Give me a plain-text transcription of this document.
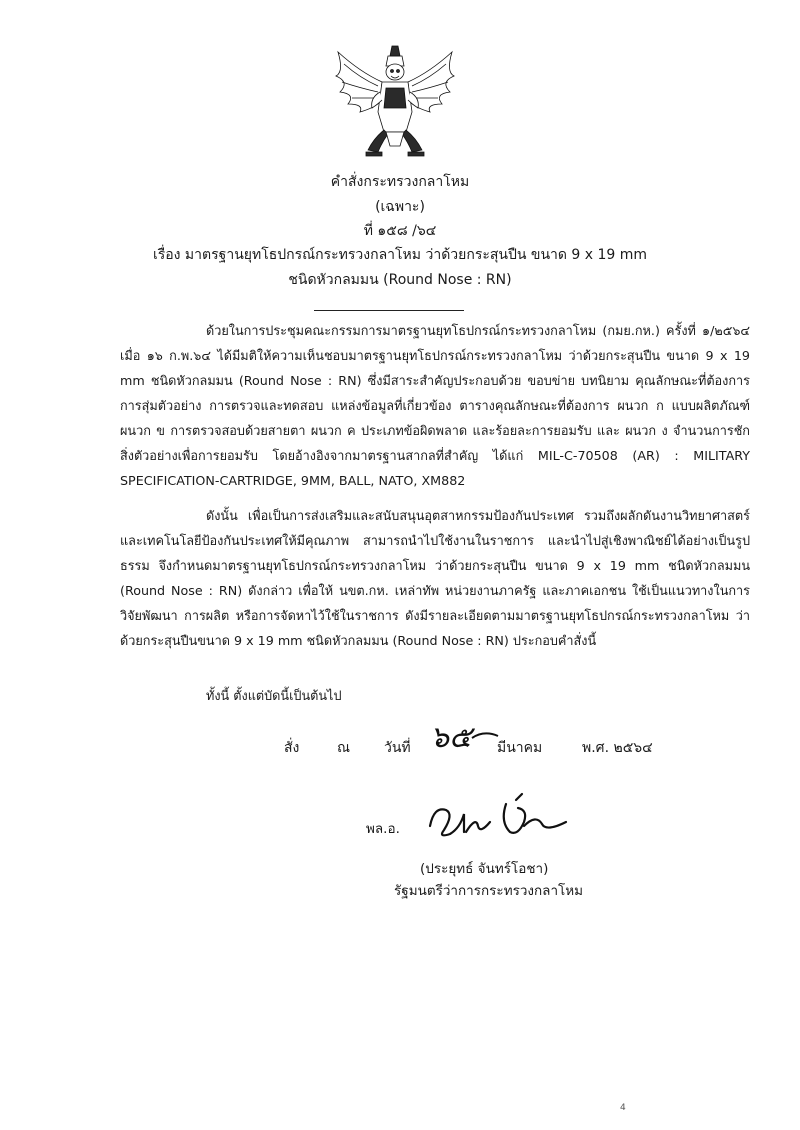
คำสั่งกระทรวงกลาโหม
(เฉพาะ)
ที่ ๑๕๘ /๖๔
เรื่อง มาตรฐานยุทโธปกรณ์กระทรวงกลาโหม ว่าด้วยกระสุนปืน ขนาด 9 x 19 mm
ชนิดหัวกลมมน (Round Nose : RN)

ด้วยในการประชุมคณะกรรมการมาตรฐานยุทโธปกรณ์กระทรวงกลาโหม (กมย.กห.) ครั้งที่ ๑/๒๕๖๔ เมื่อ ๑๖ ก.พ.๖๔ ได้มีมติให้ความเห็นชอบมาตรฐานยุทโธปกรณ์กระทรวงกลาโหม ว่าด้วยกระสุนปืน ขนาด 9 x 19 mm ชนิดหัวกลมมน (Round Nose : RN) ซึ่งมีสาระสำคัญประกอบด้วย ขอบข่าย บทนิยาม คุณลักษณะที่ต้องการ การสุ่มตัวอย่าง การตรวจและทดสอบ แหล่งข้อมูลที่เกี่ยวข้อง ตารางคุณลักษณะที่ต้องการ ผนวก ก แบบผลิตภัณฑ์ ผนวก ข การตรวจสอบด้วยสายตา ผนวก ค ประเภทข้อผิดพลาด และร้อยละการยอมรับ และ ผนวก ง จำนวนการชักสิ่งตัวอย่างเพื่อการยอมรับ โดยอ้างอิงจากมาตรฐานสากลที่สำคัญ ได้แก่ MIL-C-70508 (AR) : MILITARY SPECIFICATION-CARTRIDGE, 9MM, BALL, NATO, XM882

ดังนั้น เพื่อเป็นการส่งเสริมและสนับสนุนอุตสาหกรรมป้องกันประเทศ รวมถึงผลักดันงานวิทยาศาสตร์และเทคโนโลยีป้องกันประเทศให้มีคุณภาพ สามารถนำไปใช้งานในราชการ และนำไปสู่เชิงพาณิชย์ได้อย่างเป็นรูปธรรม จึงกำหนดมาตรฐานยุทโธปกรณ์กระทรวงกลาโหม ว่าด้วยกระสุนปืน ขนาด 9 x 19 mm ชนิดหัวกลมมน (Round Nose : RN) ดังกล่าว เพื่อให้ นขต.กห. เหล่าทัพ หน่วยงานภาครัฐ และภาคเอกชน ใช้เป็นแนวทางในการวิจัยพัฒนา การผลิต หรือการจัดหาไว้ใช้ในราชการ ดังมีรายละเอียดตามมาตรฐานยุทโธปกรณ์กระทรวงกลาโหม ว่าด้วยกระสุนปืนขนาด 9 x 19 mm ชนิดหัวกลมมน (Round Nose : RN) ประกอบคำสั่งนี้

ทั้งนี้ ตั้งแต่บัดนี้เป็นต้นไป

สั่ง	ณ วันที่ ๖๕ มีนาคม	พ.ศ. ๒๕๖๔
พล.อ.
(ประยุทธ์ จันทร์โอชา)
รัฐมนตรีว่าการกระทรวงกลาโหม
4
